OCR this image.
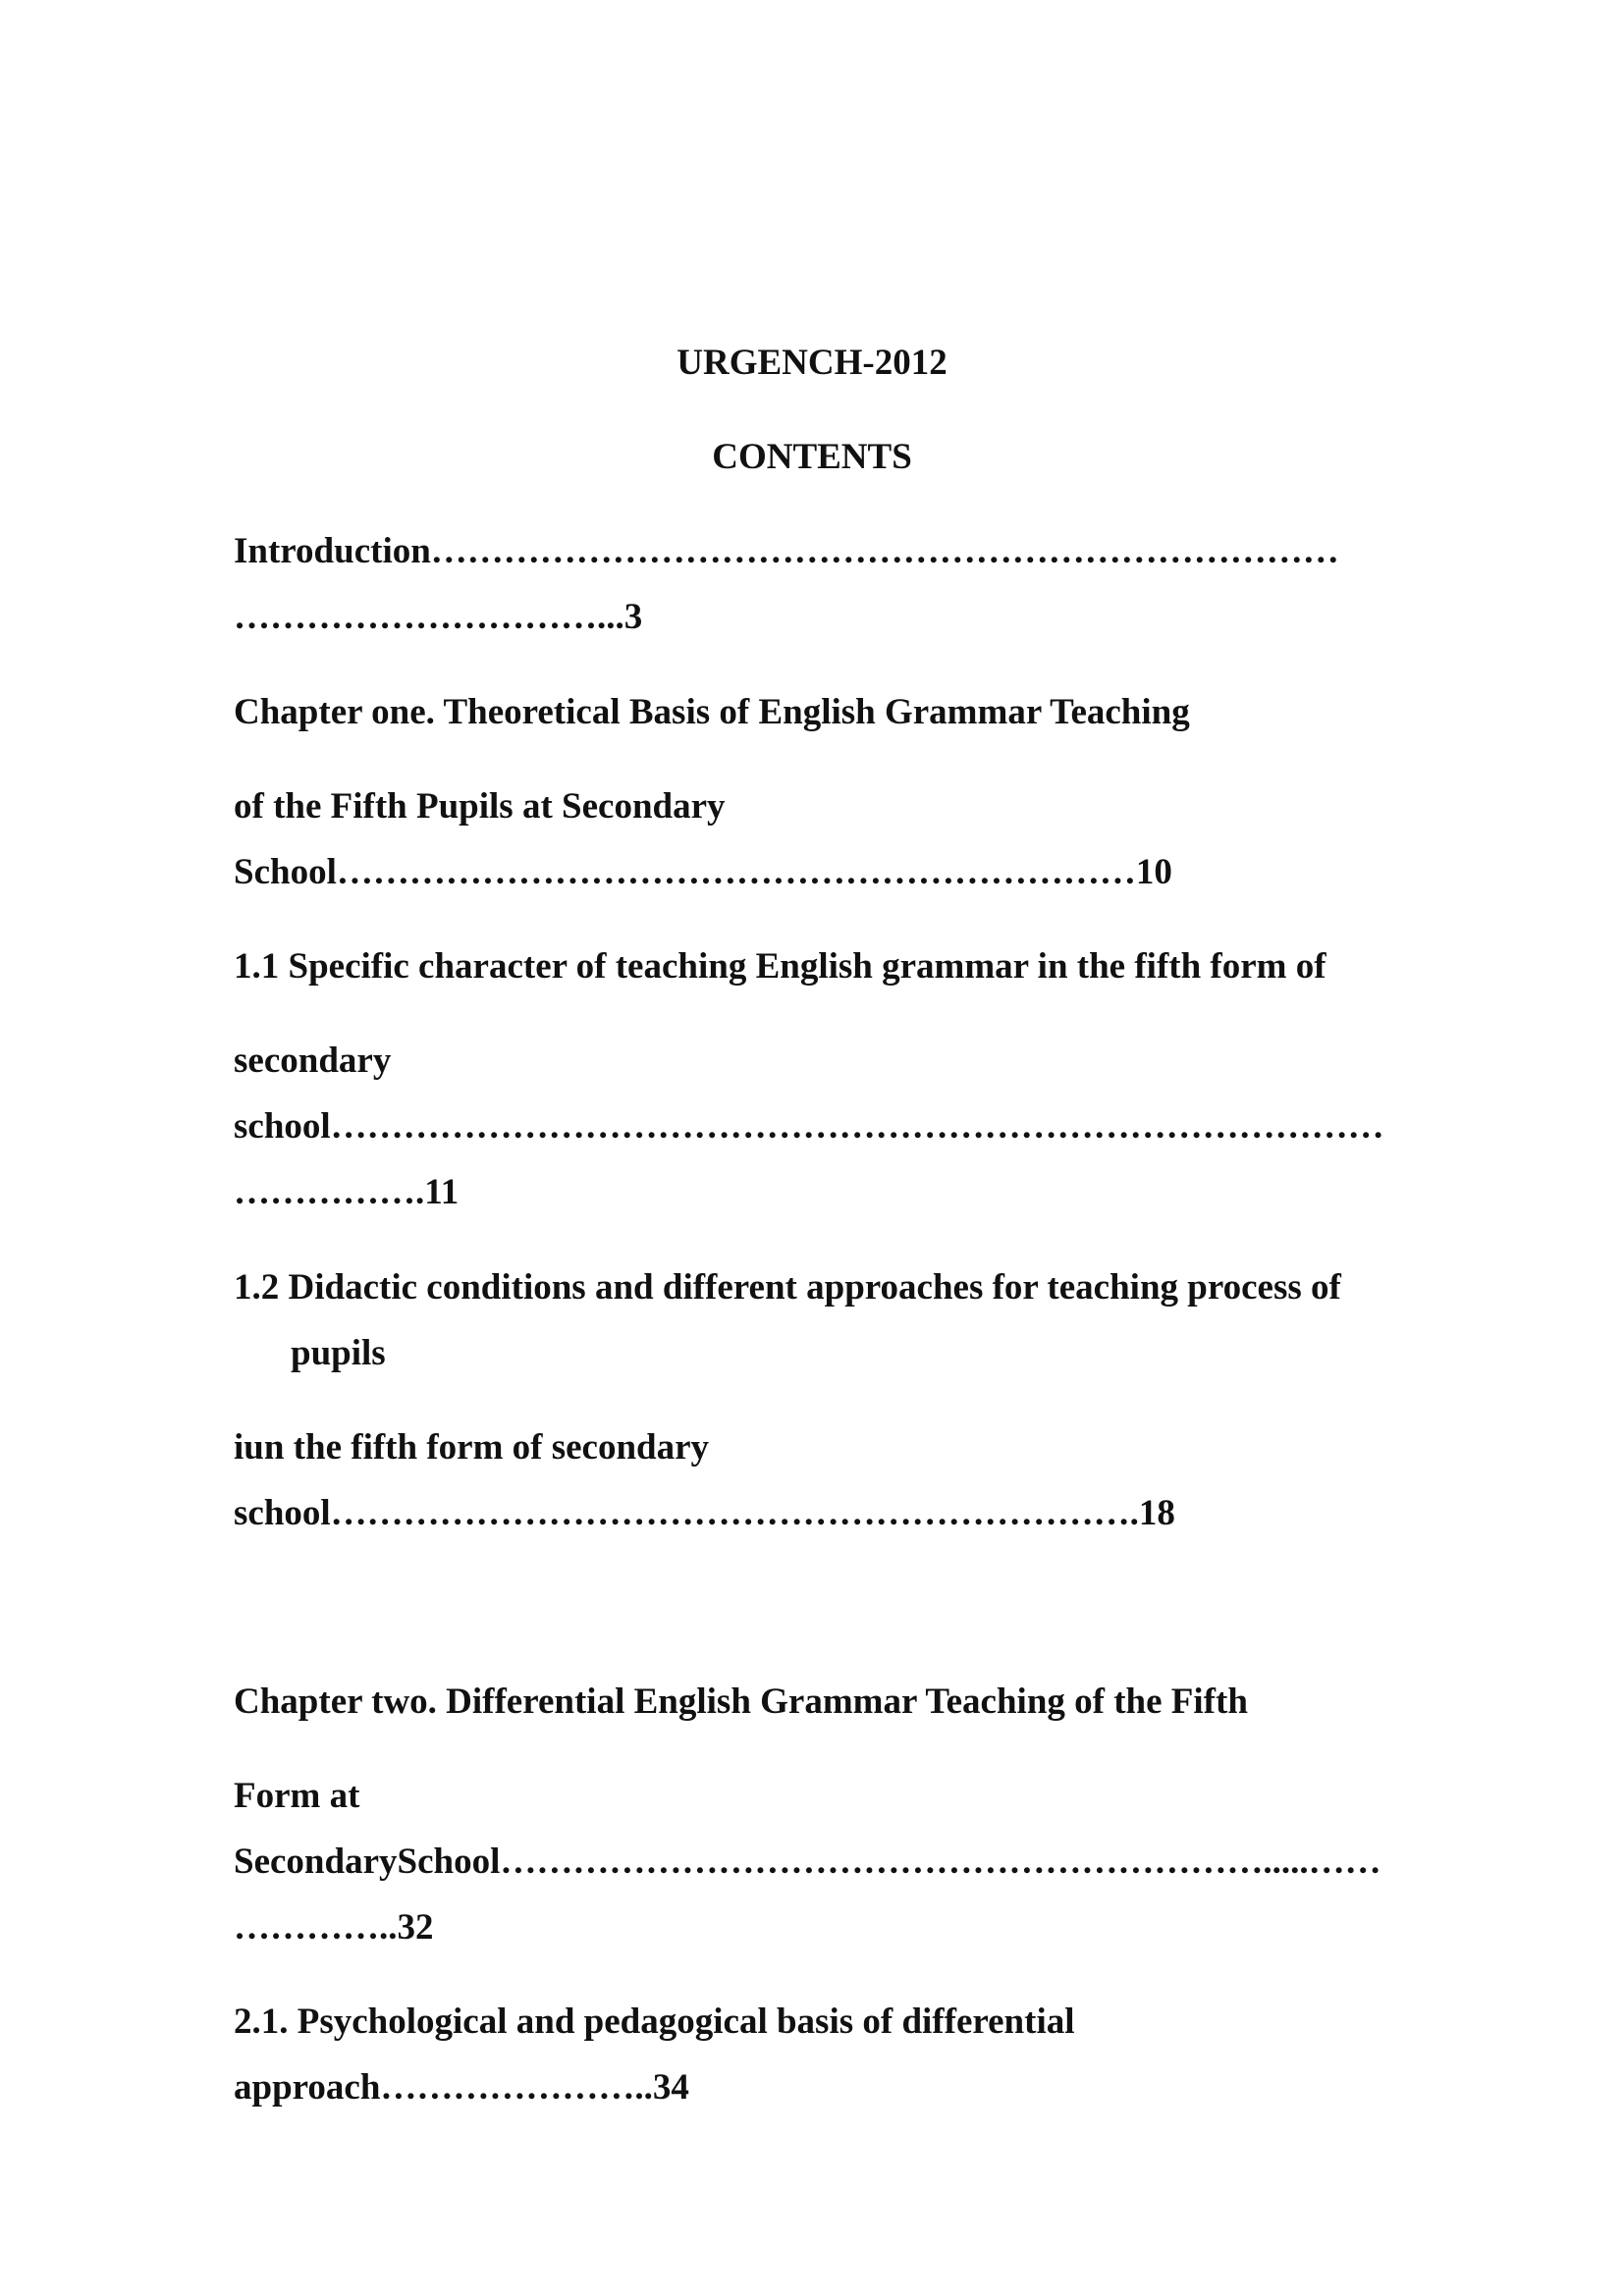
URGENCH-2012

CONTENTS

Introduction…………………………………………………………………

…………………………...3

Chapter one. Theoretical Basis of English Grammar Teaching

of the Fifth Pupils at Secondary

School…………………………………………………………10

1.1 Specific character of teaching English grammar in the fifth form of

secondary

school……………………………………………………………………………

…………….11

1.2 Didactic conditions and different approaches for teaching process of

pupils

iun the fifth form of secondary

school………………………………………………………….18

Chapter two. Differential English Grammar Teaching of the Fifth

Form at

SecondarySchool……………………………………………………….....……

…………..32

2.1. Psychological and pedagogical basis of differential

approach…………………..34
